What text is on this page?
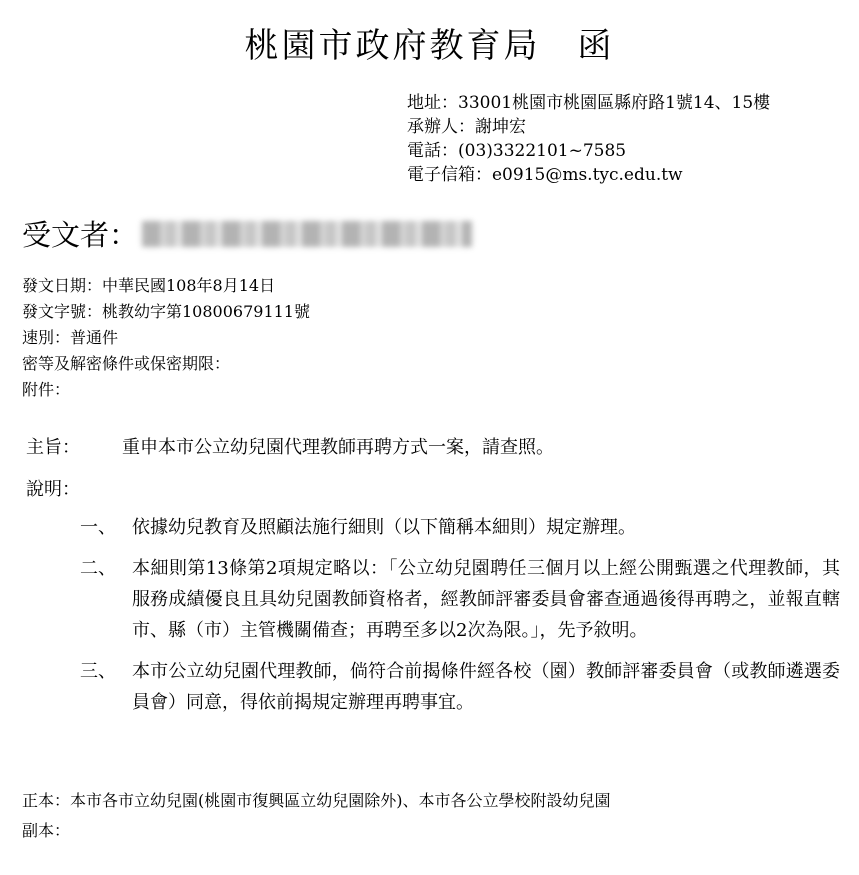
桃園市政府教育局　函
地址：33001桃園市桃園區縣府路1號14、15樓
承辦人：謝坤宏
電話：(03)3322101~7585
電子信箱：e0915@ms.tyc.edu.tw
受文者：
發文日期：中華民國108年8月14日
發文字號：桃教幼字第10800679111號
速別：普通件
密等及解密條件或保密期限：
附件：
主旨： 重申本市公立幼兒園代理教師再聘方式一案，請查照。
說明：
一、 依據幼兒教育及照顧法施行細則（以下簡稱本細則）規定辦理。
二、 本細則第13條第2項規定略以：「公立幼兒園聘任三個月以上經公開甄選之代理教師，其服務成績優良且具幼兒園教師資格者，經教師評審委員會審查通過後得再聘之，並報直轄市、縣（市）主管機關備查；再聘至多以2次為限。」，先予敘明。
三、 本市公立幼兒園代理教師，倘符合前揭條件經各校（園）教師評審委員會（或教師遴選委員會）同意，得依前揭規定辦理再聘事宜。
正本：本市各市立幼兒園(桃園市復興區立幼兒園除外)、本市各公立學校附設幼兒園
副本：
